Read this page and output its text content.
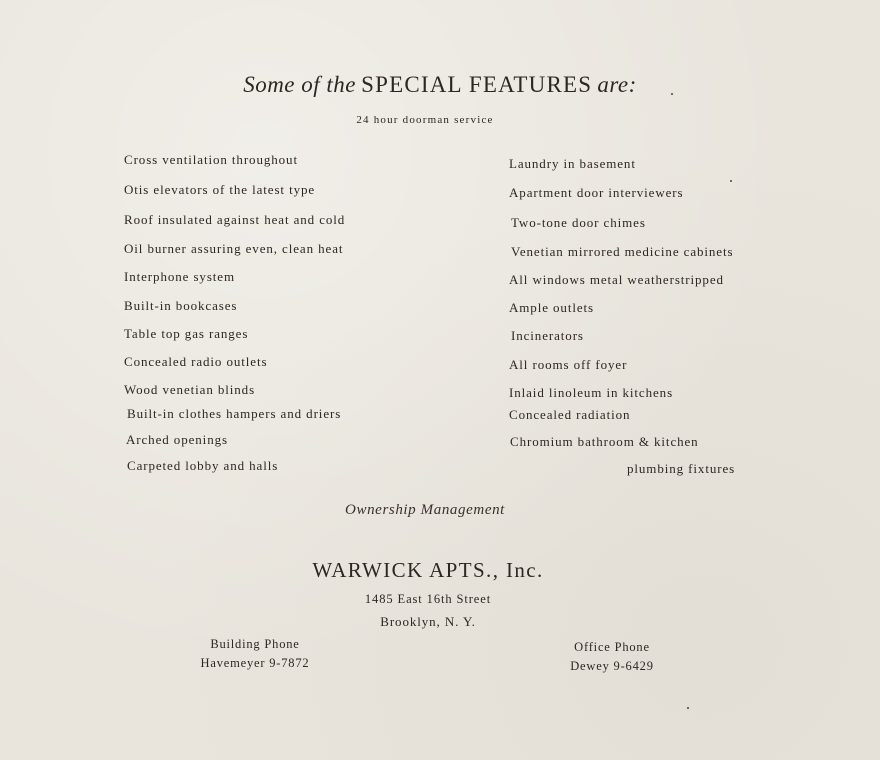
Some of the SPECIAL FEATURES are:
24 hour doorman service
Cross ventilation throughout
Otis elevators of the latest type
Roof insulated against heat and cold
Oil burner assuring even, clean heat
Interphone system
Built-in bookcases
Table top gas ranges
Concealed radio outlets
Wood venetian blinds
Built-in clothes hampers and driers
Arched openings
Carpeted lobby and halls
Laundry in basement
Apartment door interviewers
Two-tone door chimes
Venetian mirrored medicine cabinets
All windows metal weatherstripped
Ample outlets
Incinerators
All rooms off foyer
Inlaid linoleum in kitchens
Concealed radiation
Chromium bathroom & kitchen
plumbing fixtures
Ownership Management
WARWICK APTS., Inc.
1485 East 16th Street
Brooklyn, N. Y.
Building Phone
Havemeyer 9-7872
Office Phone
Dewey 9-6429
